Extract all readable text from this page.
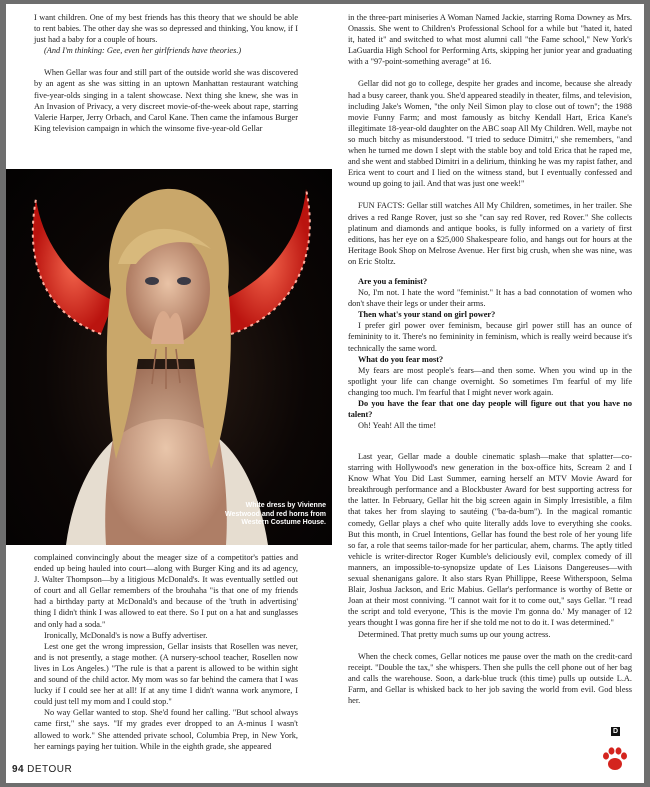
I want children. One of my best friends has this theory that we should be able to rent babies. The other day she was so depressed and thinking, You know, if I just had a baby for a couple of hours.

(And I'm thinking: Gee, even her girlfriends have theories.)

When Gellar was four and still part of the outside world she was discovered by an agent as she was sitting in an uptown Manhattan restaurant watching five-year-olds singing in a talent showcase. Next thing she knew, she was in An Invasion of Privacy, a very discreet movie-of-the-week about rape, starring Valerie Harper, Jerry Orbach, and Carol Kane. Then came the infamous Burger King television campaign in which the winsome five-year-old Gellar

White dress by Vivienne Westwood and red horns from Western Costume House.

complained convincingly about the meager size of a competitor's patties and ended up being hauled into court—along with Burger King and its ad agency, J. Walter Thompson—by a litigious McDonald's. It was eventually settled out of court and all Gellar remembers of the brouhaha "is that one of my friends had a birthday party at McDonald's and because of the 'truth in advertising' thing I didn't think I was allowed to eat there. So I put on a hat and sunglasses and only had a soda."

Ironically, McDonald's is now a Buffy advertiser.

Lest one get the wrong impression, Gellar insists that Rosellen was never, and is not presently, a stage mother. (A nursery-school teacher, Rosellen now lives in Los Angeles.) "The rule is that a parent is allowed to be within sight and sound of the child actor. My mom was so far behind the camera that I was lucky if I could see her at all! If at any time I didn't wanna work anymore, I could just tell my mom and I could stop."

No way Gellar wanted to stop. She'd found her calling. "But school always came first," she says. "If my grades ever dropped to an A-minus I wasn't allowed to work." She attended private school, Columbia Prep, in New York, her earnings paying her tuition. While in the eighth grade, she appeared

in the three-part miniseries A Woman Named Jackie, starring Roma Downey as Mrs. Onassis. She went to Children's Professional School for a while but "hated it, hated it, hated it" and switched to what most alumni call "the Fame school," New York's LaGuardia High School for Performing Arts, skipping her junior year and graduating with a "97-point-something average" at 16.

Gellar did not go to college, despite her grades and income, because she already had a busy career, thank you. She'd appeared steadily in theater, films, and television, including Jake's Women, "the only Neil Simon play to close out of town"; the 1988 movie Funny Farm; and most famously as bitchy Kendall Hart, Erica Kane's illegitimate 18-year-old daughter on the ABC soap All My Children. Well, maybe not so much bitchy as misunderstood. "I tried to seduce Dimitri," she remembers, "and when he turned me down I slept with the stable boy and told Erica that he raped me, and she went and stabbed Dimitri in a delirium, thinking he was my rapist father, and Erica went to court and I lied on the witness stand, but I eventually confessed and wound up going to jail. And that was just one week!"

FUN FACTS: Gellar still watches All My Children, sometimes, in her trailer. She drives a red Range Rover, just so she "can say red Rover, red Rover." She collects platinum and diamonds and antique books, is fully informed on a variety of first editions, has her eye on a $25,000 Shakespeare folio, and hangs out for hours at the Heritage Book Shop on Melrose Avenue. Her first big crush, when she was nine, was on Eric Stoltz.

Are you a feminist?

No, I'm not. I hate the word "feminist." It has a bad connotation of women who don't shave their legs or under their arms.

Then what's your stand on girl power?

I prefer girl power over feminism, because girl power still has an ounce of femininity to it. There's no femininity in feminism, which is really weird because it's technically the same word.

What do you fear most?

My fears are most people's fears—and then some. When you wind up in the spotlight your life can change overnight. So sometimes I'm fearful of my life changing too much. I'm fearful that I might never work again.

Do you have the fear that one day people will figure out that you have no talent?

Oh! Yeah! All the time!

Last year, Gellar made a double cinematic splash—make that splatter—co-starring with Hollywood's new generation in the box-office hits, Scream 2 and I Know What You Did Last Summer, earning herself an MTV Movie Award for breakthrough performance and a Blockbuster Award for best supporting actress for the latter. In February, Gellar hit the big screen again in Simply Irresistible, a film that takes her from slaying to sautéing ("ba-da-bum"). In the magical romantic comedy, Gellar plays a chef who quite literally adds love to everything she cooks. But this month, in Cruel Intentions, Gellar has found the best role of her young life so far, a role that seems tailor-made for her particular, ahem, charms. The aptly titled vehicle is writer-director Roger Kumble's deliciously evil, complex comedy of ill manners, an impossible-to-synopsize update of Les Liaisons Dangereuses—with sexual shenanigans galore. It also stars Ryan Phillippe, Reese Witherspoon, Selma Blair, Joshua Jackson, and Eric Mabius. Gellar's performance is worthy of Bette or Joan at their most conniving. "I cannot wait for it to come out," says Gellar. "I read the script and told everyone, 'This is the movie I'm gonna do.' My manager of 12 years thought I was gonna fire her if she told me not to do it. I was determined."

Determined. That pretty much sums up our young actress.

When the check comes, Gellar notices me pause over the math on the credit-card receipt. "Double the tax," she whispers. Then she pulls the cell phone out of her bag and calls the warehouse. Soon, a dark-blue truck (this time) pulls up outside L.A. Farm, and Gellar is whisked back to her job saving the world from evil. God bless her.

D
94 DETOUR
